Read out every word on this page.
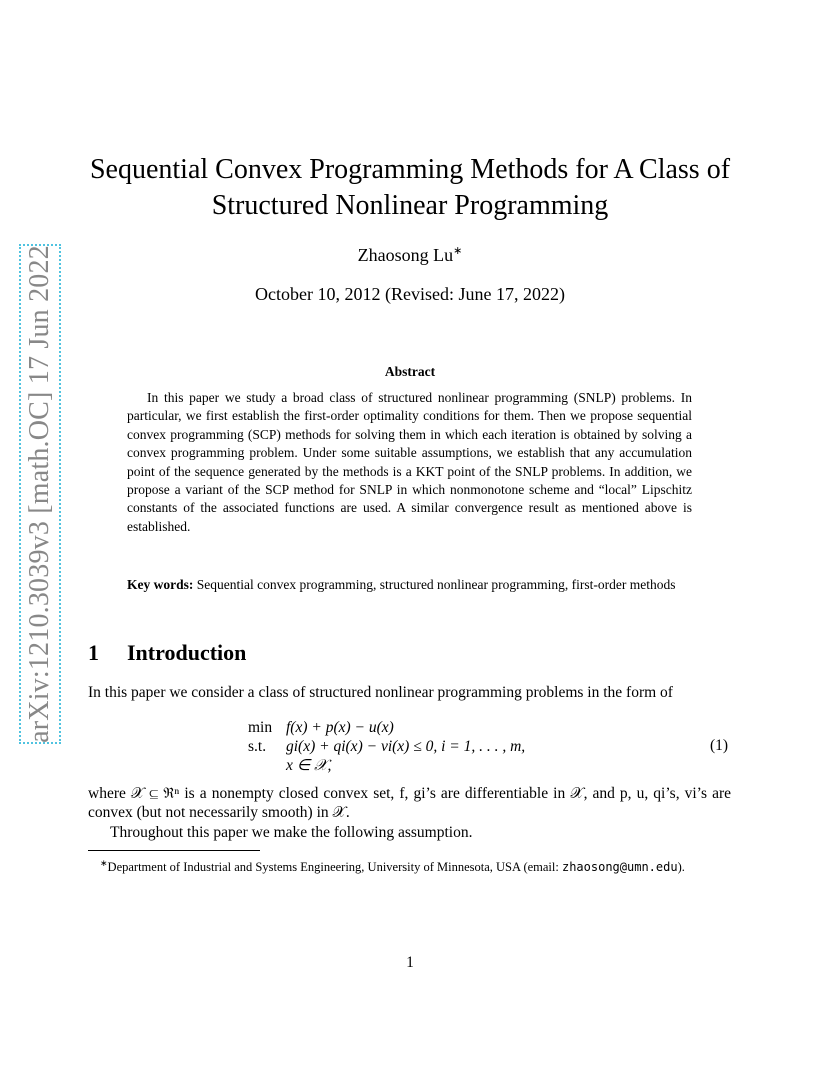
arXiv:1210.3039v3 [math.OC] 17 Jun 2022
Sequential Convex Programming Methods for A Class of
Structured Nonlinear Programming
Zhaosong Lu∗
October 10, 2012 (Revised: June 17, 2022)
Abstract
In this paper we study a broad class of structured nonlinear programming (SNLP) problems. In particular, we first establish the first-order optimality conditions for them. Then we propose sequential convex programming (SCP) methods for solving them in which each iteration is obtained by solving a convex programming problem. Under some suitable assumptions, we establish that any accumulation point of the sequence generated by the methods is a KKT point of the SNLP problems. In addition, we propose a variant of the SCP method for SNLP in which nonmonotone scheme and “local” Lipschitz constants of the associated functions are used. A similar convergence result as mentioned above is established.
Key words: Sequential convex programming, structured nonlinear programming, first-order methods
1 Introduction
In this paper we consider a class of structured nonlinear programming problems in the form of
min f(x) + p(x) − u(x)
s.t. gi(x) + qi(x) − vi(x) ≤ 0, i = 1, . . . , m,
x ∈ 𝒳,
(1)
where 𝒳 ⊆ ℜⁿ is a nonempty closed convex set, f, gi’s are differentiable in 𝒳, and p, u, qi’s, vi’s are convex (but not necessarily smooth) in 𝒳.
Throughout this paper we make the following assumption.
∗Department of Industrial and Systems Engineering, University of Minnesota, USA (email: zhaosong@umn.edu).
1
